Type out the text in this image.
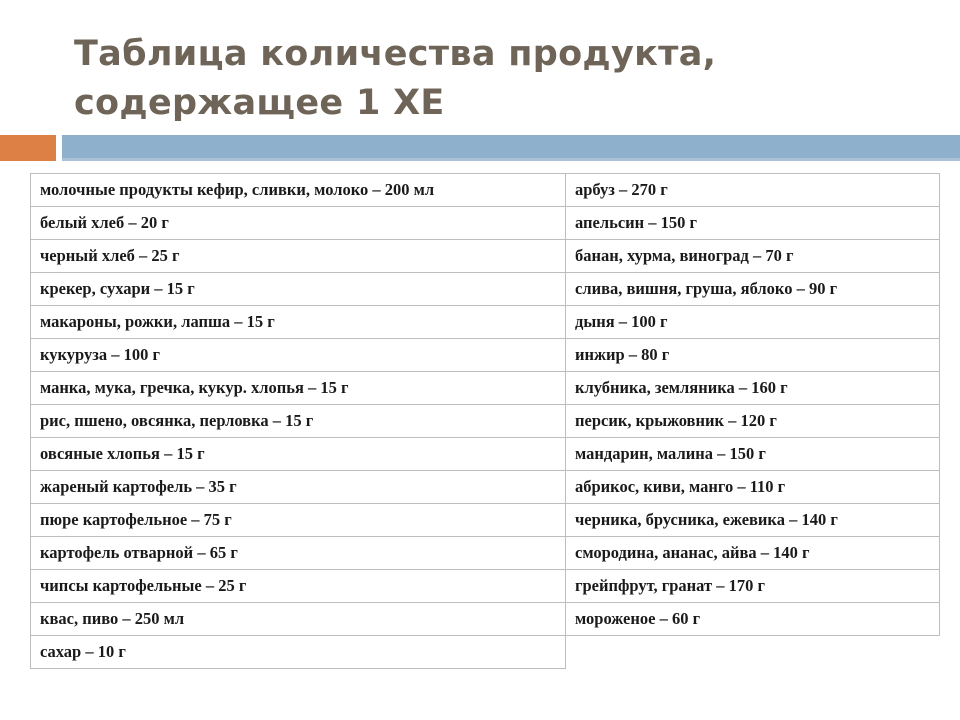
Таблица количества продукта,
содержащее 1 ХЕ
молочные продукты кефир, сливки, молоко – 200 мл	арбуз – 270 г
белый хлеб – 20 г	апельсин – 150 г
черный хлеб – 25 г	банан, хурма, виноград – 70 г
крекер, сухари – 15 г	слива, вишня, груша, яблоко – 90 г
макароны, рожки, лапша – 15 г	дыня – 100 г
кукуруза – 100 г	инжир – 80 г
манка, мука, гречка, кукур. хлопья – 15 г	клубника, земляника – 160 г
рис, пшено, овсянка, перловка – 15 г	персик, крыжовник – 120 г
овсяные хлопья – 15 г	мандарин, малина – 150 г
жареный картофель – 35 г	абрикос, киви, манго – 110 г
пюре картофельное – 75 г	черника, брусника, ежевика – 140 г
картофель отварной – 65 г	смородина, ананас, айва – 140 г
чипсы картофельные – 25 г	грейпфрут, гранат – 170 г
квас, пиво – 250 мл	мороженое – 60 г
сахар – 10 г	
